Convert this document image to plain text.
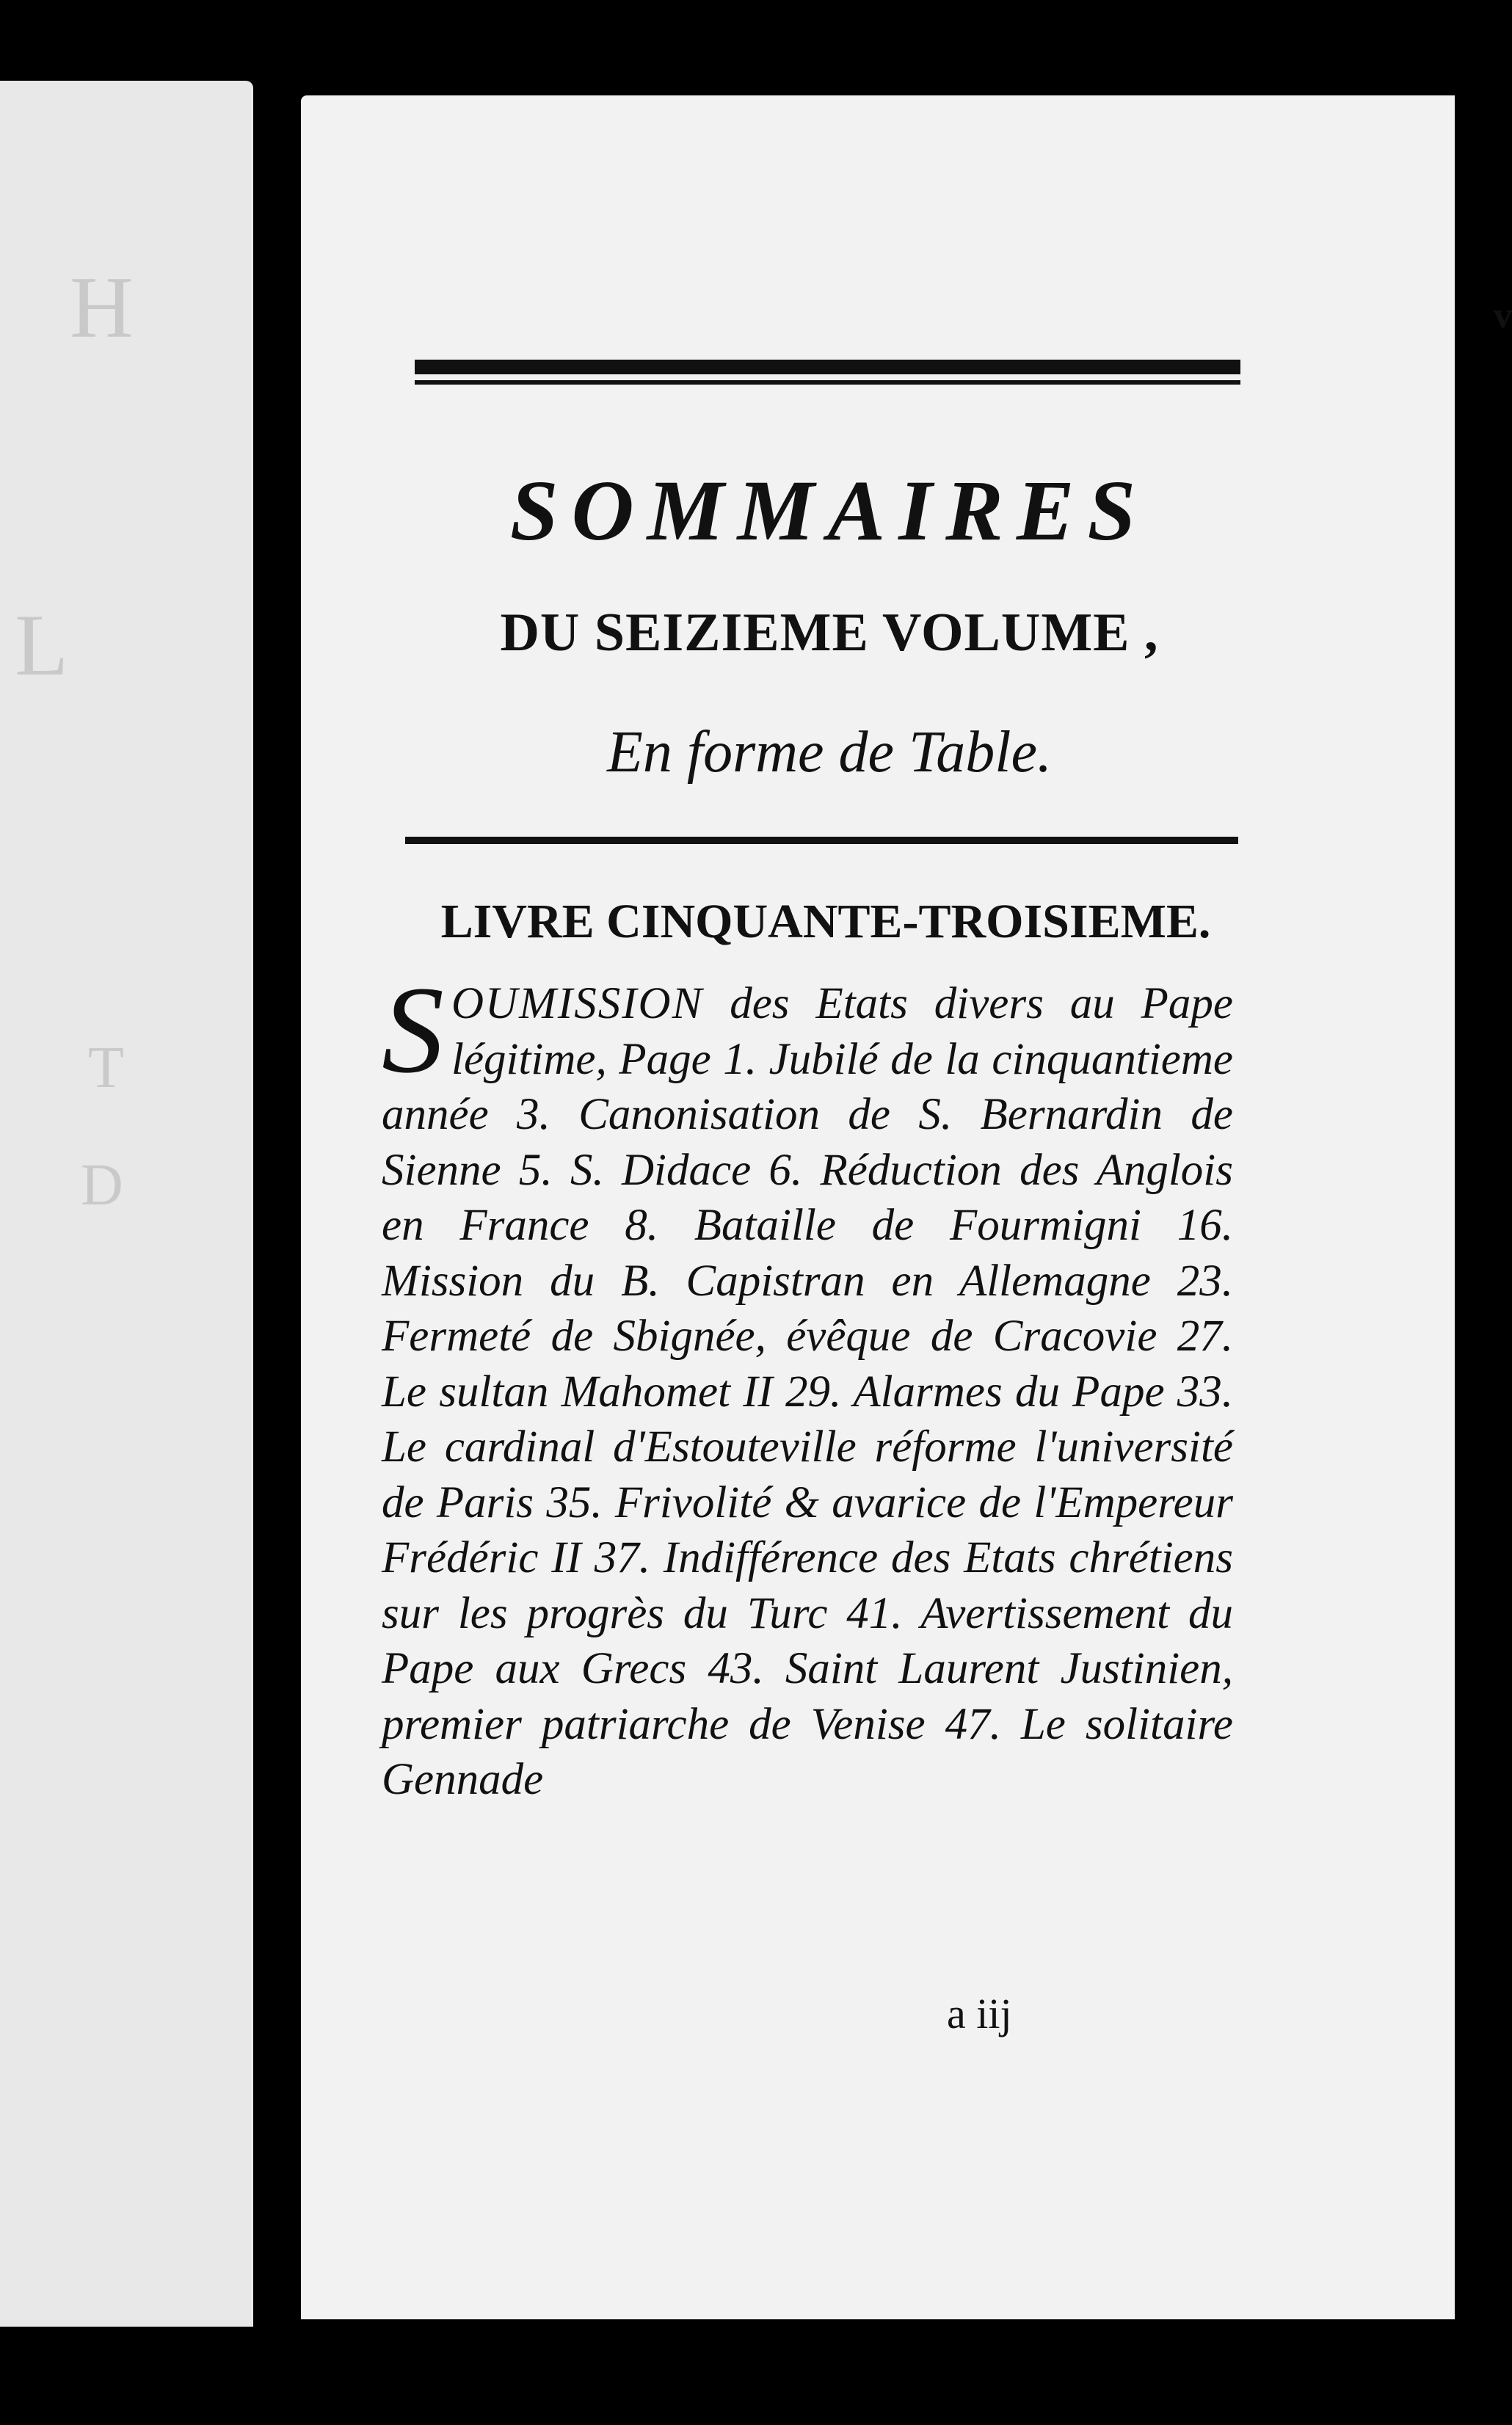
H
L
T
D
v
SOMMAIRES
DU SEIZIEME VOLUME ,
En forme de Table.
LIVRE CINQUANTE-TROISIEME.

SOUMISSION des Etats divers au Pape légitime, Page 1. Jubilé de la cinquantieme année 3. Canonisation de S. Bernardin de Sienne 5. S. Didace 6. Réduction des Anglois en France 8. Bataille de Fourmigni 16. Mission du B. Capistran en Allemagne 23. Fermeté de Sbignée, évêque de Cracovie 27. Le sultan Mahomet II 29. Alarmes du Pape 33. Le cardinal d'Estouteville réforme l'université de Paris 35. Frivolité & avarice de l'Empereur Frédéric II 37. Indifférence des Etats chrétiens sur les progrès du Turc 41. Avertissement du Pape aux Grecs 43. Saint Laurent Justinien, premier patriarche de Venise 47. Le solitaire Gennade

a iij
